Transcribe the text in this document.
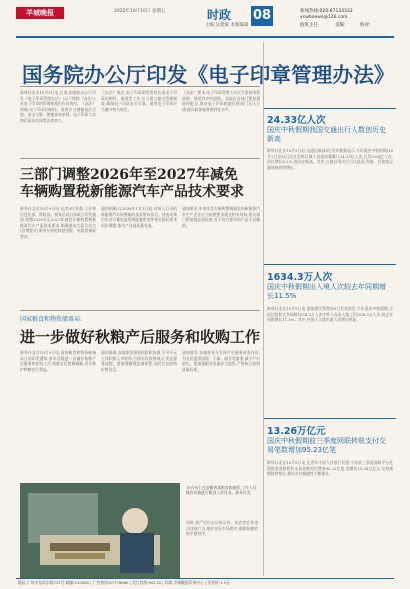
羊城晚报	2025年10月10日 星期五	时政
主编:吴建斌 本版编辑
08	新闻热线:020-87133333
ycwbnews@126.com
值班主任	美编:	校对:
国务院办公厅印发《电子印章管理办法》
新华社北京10月9日电 日前,国务院办公厅印发《电子印章管理办法》(以下简称《办法》),对电子印章的管理和使用作出规范。《办法》明确,电子印章的制作、使用应当遵循依法合规、安全可靠、便捷高效原则。电子印章与实物印章具有同等法律效力。
《办法》规定,电子印章制发机构负责电子印章的制作、备案等工作,应当建立健全管理制度,确保电子印章安全可靠。使用电子印章应当遵守相关规定。
《办法》要求,电子印章管理工作应当坚持统筹协调、规范有序的原则。各地区各部门要加强协同配合,推动电子印章跨地区跨部门互认互通,提升政务服务便利化水平。
三部门调整2026年至2027年减免
车辆购置税新能源汽车产品技术要求
新华社北京10月9日电 记者9日获悉,工业和信息化部、财政部、税务总局日前联合印发通知,调整2026年至2027年减免车辆购置税新能源汽车产品技术要求,明确插电式混合动力(含增程式)乘用车纯电续驶里程、电耗等指标要求。
通知明确,自2026年1月1日起,对纳入目录的新能源汽车按照新的技术要求执行。纯电动乘用车动力蓄电池系统能量密度等相关指标要求同步调整,推动产业高质量发展。
通知要求,申请享受车辆购置税减免的新能源汽车生产企业应当按照要求提交相关材料,相关部门将加强监督检查,对不符合要求的产品予以撤销。
国家粮食和物资储备局:
进一步做好秋粮产后服务和收购工作
新华社北京10月9日电 国家粮食和物资储备局日前印发通知,要求各地进一步做好秋粮产后服务和收购工作,保障农民售粮顺畅,切实维护种粮农民利益。
通知强调,各地要加强收购组织协调,引导多元主体积极入市收购,合理布设收购网点,优化服务流程。要加强粮情监测预警,及时发布收购价格信息。
通知要求,各地要充分发挥产后服务体系作用,为农民提供清理、干燥、储存等服务,减少产后损失。要加强粮食质量安全监管,严格执行收购质量标准。
10月9日,在安徽省某粮食收储库,工作人员操作设备进行粮食入库作业。新华社发
同时,要严厉打击压级压价、坑农害农等违法违规行为,维护良好市场秩序,确保秋粮收购平稳有序。
24.33亿人次
国庆中秋假期我国交通出行人数创历史新高
新华社北京10月9日电 交通运输部9日发布数据显示,今年国庆中秋假期(10月1日至8日)全社会跨区域人员流动量累计24.33亿人次,日均3.04亿人次,同比增长6.2%,创历史新高。其中,公路自驾出行占比最高,铁路、民航客运量保持较快增长。
1634.3万人次
国庆中秋假期出入境人次较去年同期增长11.5%
新华社北京10月9日电 国家移民管理局9日发布消息,今年国庆中秋假期,全国边检机关共保障1634.3万人次中外人员出入境,日均204.3万人次,较去年同期增长11.5%。其中,外国人入境出境人次增长明显。
13.26万亿元
国庆中秋假期前三季度网联转账支付交易笔数增加95.23亿笔
新华社北京10月9日电 记者从中国人民银行获悉,今年前三季度网联平台处理资金类跨机构交易笔数同比增加95.23亿笔,金额达13.26万亿元,交易规模持续增长,移动支付便捷性不断提升。
地址:广州市东风东路733号 邮编:510085 | 广告热线:87776666 | 发行热线:96118 | 印刷:羊城晚报印务中心 | 零售价:1.5元
